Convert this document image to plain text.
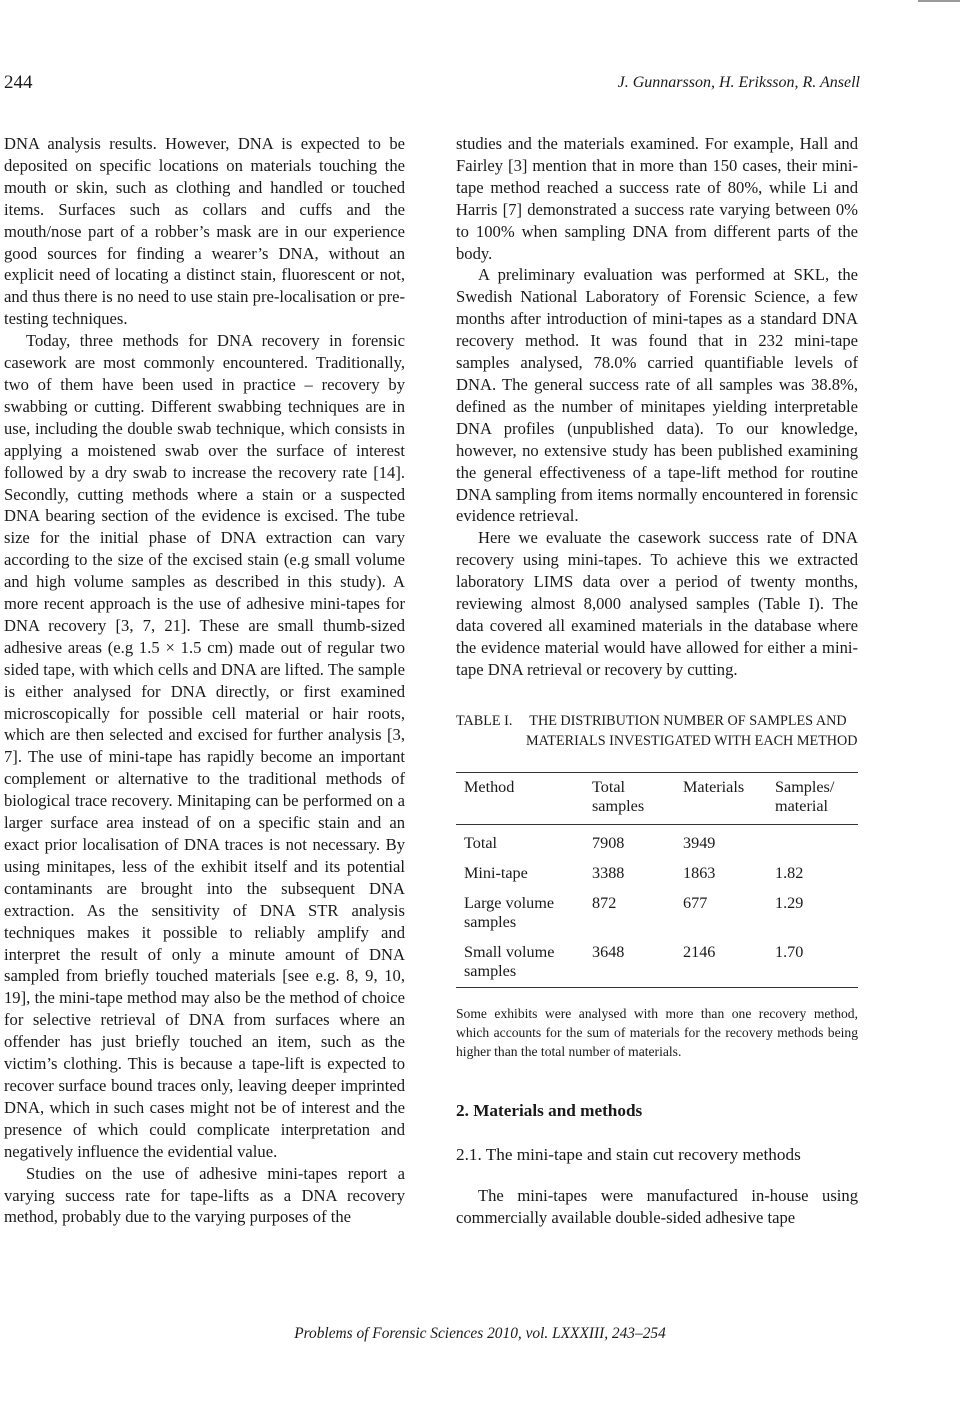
244	J. Gunnarsson, H. Eriksson, R. Ansell

DNA analysis results. However, DNA is expected to be deposited on specific locations on materials touching the mouth or skin, such as clothing and handled or touched items. Surfaces such as collars and cuffs and the mouth/nose part of a robber’s mask are in our experience good sources for finding a wearer’s DNA, without an explicit need of locating a distinct stain, fluorescent or not, and thus there is no need to use stain pre-localisation or pre-testing techniques.

Today, three methods for DNA recovery in forensic casework are most commonly encountered. Traditionally, two of them have been used in practice – recovery by swabbing or cutting. Different swabbing techniques are in use, including the double swab technique, which consists in applying a moistened swab over the surface of interest followed by a dry swab to increase the recovery rate [14]. Secondly, cutting methods where a stain or a suspected DNA bearing section of the evidence is excised. The tube size for the initial phase of DNA extraction can vary according to the size of the excised stain (e.g small volume and high volume samples as described in this study). A more recent approach is the use of adhesive mini-tapes for DNA recovery [3, 7, 21]. These are small thumb-sized adhesive areas (e.g 1.5 × 1.5 cm) made out of regular two sided tape, with which cells and DNA are lifted. The sample is either analysed for DNA directly, or first examined microscopically for possible cell material or hair roots, which are then selected and excised for further analysis [3, 7]. The use of mini-tape has rapidly become an important complement or alternative to the traditional methods of biological trace recovery. Minitaping can be performed on a larger surface area instead of on a specific stain and an exact prior localisation of DNA traces is not necessary. By using minitapes, less of the exhibit itself and its potential contaminants are brought into the subsequent DNA extraction. As the sensitivity of DNA STR analysis techniques makes it possible to reliably amplify and interpret the result of only a minute amount of DNA sampled from briefly touched materials [see e.g. 8, 9, 10, 19], the mini-tape method may also be the method of choice for selective retrieval of DNA from surfaces where an offender has just briefly touched an item, such as the victim’s clothing. This is because a tape-lift is expected to recover surface bound traces only, leaving deeper imprinted DNA, which in such cases might not be of interest and the presence of which could complicate interpretation and negatively influence the evidential value.

Studies on the use of adhesive mini-tapes report a varying success rate for tape-lifts as a DNA recovery method, probably due to the varying purposes of the

studies and the materials examined. For example, Hall and Fairley [3] mention that in more than 150 cases, their mini-tape method reached a success rate of 80%, while Li and Harris [7] demonstrated a success rate varying between 0% to 100% when sampling DNA from different parts of the body.

A preliminary evaluation was performed at SKL, the Swedish National Laboratory of Forensic Science, a few months after introduction of mini-tapes as a standard DNA recovery method. It was found that in 232 mini-tape samples analysed, 78.0% carried quantifiable levels of DNA. The general success rate of all samples was 38.8%, defined as the number of minitapes yielding interpretable DNA profiles (unpublished data). To our knowledge, however, no extensive study has been published examining the general effectiveness of a tape-lift method for routine DNA sampling from items normally encountered in forensic evidence retrieval.

Here we evaluate the casework success rate of DNA recovery using mini-tapes. To achieve this we extracted laboratory LIMS data over a period of twenty months, reviewing almost 8,000 analysed samples (Table I). The data covered all examined materials in the database where the evidence material would have allowed for either a mini-tape DNA retrieval or recovery by cutting.

TABLE I. THE DISTRIBUTION NUMBER OF SAMPLES AND MATERIALS INVESTIGATED WITH EACH METHOD
Method	Total samples	Materials	Samples/ material
Total	7908	3949	
Mini-tape	3388	1863	1.82
Large volume samples	872	677	1.29
Small volume samples	3648	2146	1.70
Some exhibits were analysed with more than one recovery method, which accounts for the sum of materials for the recovery methods being higher than the total number of materials.
2. Materials and methods
2.1. The mini-tape and stain cut recovery methods

The mini-tapes were manufactured in-house using commercially available double-sided adhesive tape

Problems of Forensic Sciences 2010, vol. LXXXIII, 243–254
